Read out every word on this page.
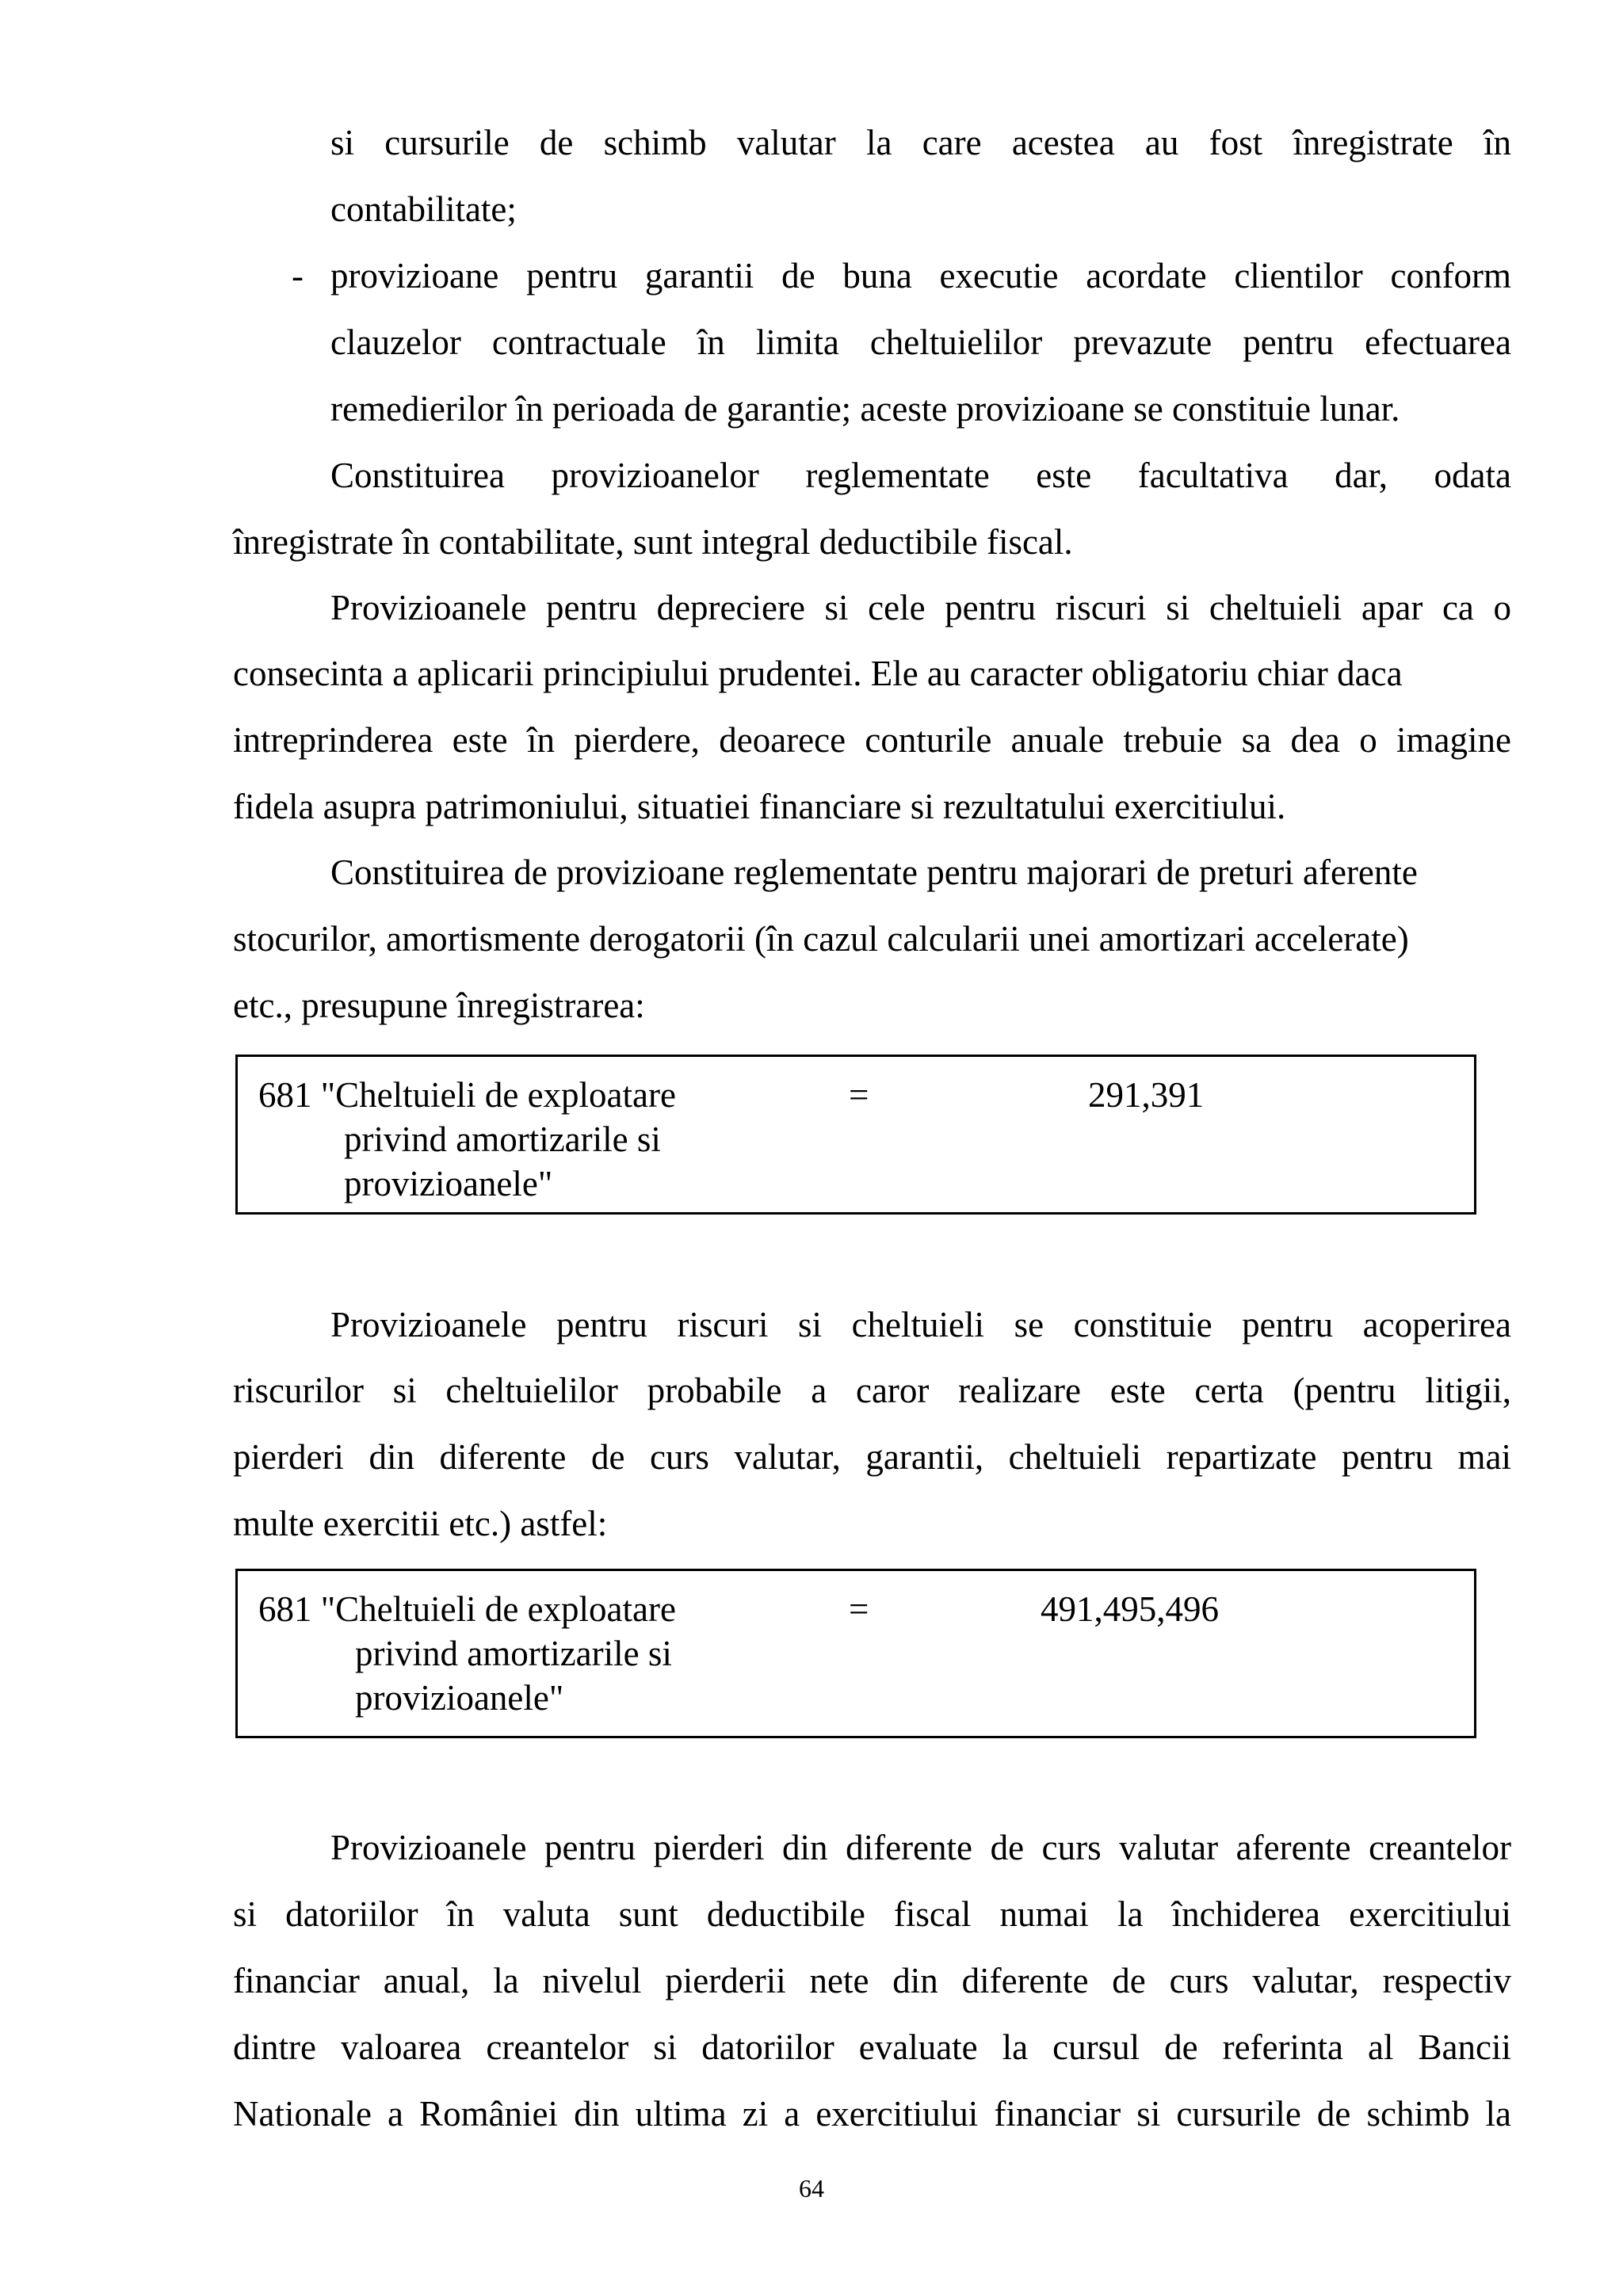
si cursurile de schimb valutar la care acestea au fost înregistrate în
contabilitate;
- provizioane pentru garantii de buna executie acordate clientilor conform
clauzelor contractuale în limita cheltuielilor prevazute pentru efectuarea
remedierilor în perioada de garantie; aceste provizioane se constituie lunar.
Constituirea provizioanelor reglementate este facultativa dar, odata
înregistrate în contabilitate, sunt integral deductibile fiscal.
Provizioanele pentru depreciere si cele pentru riscuri si cheltuieli apar ca o
consecinta a aplicarii principiului prudentei. Ele au caracter obligatoriu chiar daca
intreprinderea este în pierdere, deoarece conturile anuale trebuie sa dea o imagine
fidela asupra patrimoniului, situatiei financiare si rezultatului exercitiului.
Constituirea de provizioane reglementate pentru majorari de preturi aferente
stocurilor, amortismente derogatorii (în cazul calcularii unei amortizari accelerate)
etc., presupune înregistrarea:
681 "Cheltuieli de exploatare
privind amortizarile si
provizioanele"
=	291,391
Provizioanele pentru riscuri si cheltuieli se constituie pentru acoperirea
riscurilor si cheltuielilor probabile a caror realizare este certa (pentru litigii,
pierderi din diferente de curs valutar, garantii, cheltuieli repartizate pentru mai
multe exercitii etc.) astfel:
681 "Cheltuieli de exploatare
privind amortizarile si
provizioanele"
=	491,495,496
Provizioanele pentru pierderi din diferente de curs valutar aferente creantelor
si datoriilor în valuta sunt deductibile fiscal numai la închiderea exercitiului
financiar anual, la nivelul pierderii nete din diferente de curs valutar, respectiv
dintre valoarea creantelor si datoriilor evaluate la cursul de referinta al Bancii
Nationale a României din ultima zi a exercitiului financiar si cursurile de schimb la
64
